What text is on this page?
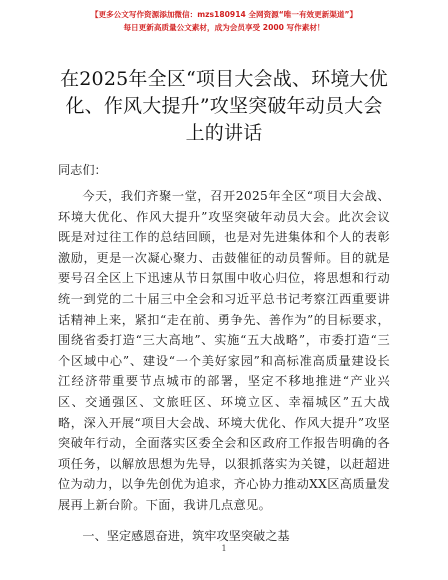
【更多公文写作资源添加微信：mzs180914 全网资源“唯一有效更新渠道”】
每日更新高质量公文素材，成为会员享受 2000 写作素材！
在2025年全区“项目大会战、环境大优化、作风大提升”攻坚突破年动员大会上的讲话
同志们：
今天，我们齐聚一堂，召开2025年全区“项目大会战、环境大优化、作风大提升”攻坚突破年动员大会。此次会议既是对过往工作的总结回顾，也是对先进集体和个人的表彰激励，更是一次凝心聚力、击鼓催征的动员誓师。目的就是要号召全区上下迅速从节日氛围中收心归位，将思想和行动统一到党的二十届三中全会和习近平总书记考察江西重要讲话精神上来，紧扣“走在前、勇争先、善作为”的目标要求，围绕省委打造“三大高地”、实施“五大战略”，市委打造“三个区域中心”、建设“一个美好家园”和高标准高质量建设长江经济带重要节点城市的部署，坚定不移地推进“产业兴区、交通强区、文旅旺区、环境立区、幸福城区”五大战略，深入开展“项目大会战、环境大优化、作风大提升”攻坚突破年行动，全面落实区委全会和区政府工作报告明确的各项任务，以解放思想为先导，以狠抓落实为关键，以赶超进位为动力，以争先创优为追求，齐心协力推动XX区高质量发展再上新台阶。下面，我讲几点意见。
一、坚定感恩奋进，筑牢攻坚突破之基
1
